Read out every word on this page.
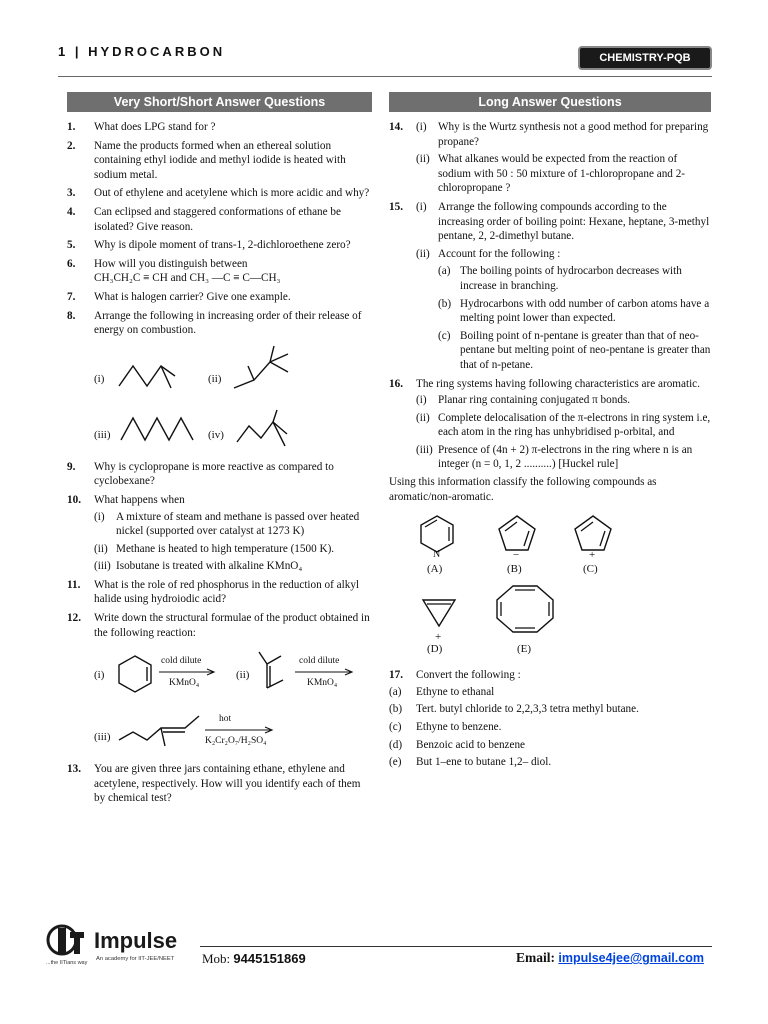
1 | HYDROCARBON	CHEMISTRY-PQB
Very Short/Short Answer Questions	Long Answer Questions
1. What does LPG stand for ?
2. Name the products formed when an ethereal solution containing ethyl iodide and methyl iodide is heated with sodium metal.
3. Out of ethylene and acetylene which is more acidic and why?
4. Can eclipsed and staggered conformations of ethane be isolated? Give reason.
5. Why is dipole moment of trans-1, 2-dichloroethene zero?
6. How will you distinguish between
CH₃CH₂C ≡ CH and CH₃ —C ≡ C—CH₃
7. What is halogen carrier? Give one example.
8. Arrange the following in increasing order of their release of energy on combustion.
(i)	(ii)
(iii)	(iv)
9. Why is cyclopropane is more reactive as compared to cyclobexane?
10. What happens when
(i) A mixture of steam and methane is passed over heated nickel (supported over catalyst at 1273 K)
(ii) Methane is heated to high temperature (1500 K).
(iii) Isobutane is treated with alkaline KMnO₄
11. What is the role of red phosphorus in the reduction of alkyl halide using hydroiodic acid?
12. Write down the structural formulae of the product obtained in the following reaction:
(i)
cold dilute
KMnO₄
(ii)
cold dilute
KMnO₄
(iii)
hot
K₂Cr₂O₇/H₂SO₄
13. You are given three jars containing ethane, ethylene and acetylene, respectively. How will you identify each of them by chemical test?
14. (i) Why is the Wurtz synthesis not a good method for preparing propane?
(ii) What alkanes would be expected from the reaction of sodium with 50 : 50 mixture of 1-chloropropane and 2-chloropropane ?
15. (i) Arrange the following compounds according to the increasing order of boiling point: Hexane, heptane, 3-methyl pentane, 2, 2-dimethyl butane.
(ii) Account for the following :
(a) The boiling points of hydrocarbon decreases with increase in branching.
(b) Hydrocarbons with odd number of carbon atoms have a melting point lower than expected.
(c) Boiling point of n-pentane is greater than that of neo-pentane but melting point of neo-pentane is greater than that of n-petane.
16. The ring systems having following characteristics are aromatic.
(i) Planar ring containing conjugated π bonds.
(ii) Complete delocalisation of the π-electrons in ring system i.e, each atom in the ring has unhybridised p-orbital, and
(iii) Presence of (4n + 2) π-electrons in the ring where n is an integer (n = 0, 1, 2 ..........) [Huckel rule]
Using this information classify the following compounds as aromatic/non-aromatic.
N
(A)
−
(B)
+
(C)
+
(D)	(E)
17. Convert the following :
(a) Ethyne to ethanal
(b) Tert. butyl chloride to 2,2,3,3 tetra methyl butane.
(c) Ethyne to benzene.
(d) Benzoic acid to benzene
(e) But 1–ene to butane 1,2– diol.
Impulse
...the IITians way
An academy for IIT-JEE/NEET Mob: 9445151869	Email: impulse4jee@gmail.com
